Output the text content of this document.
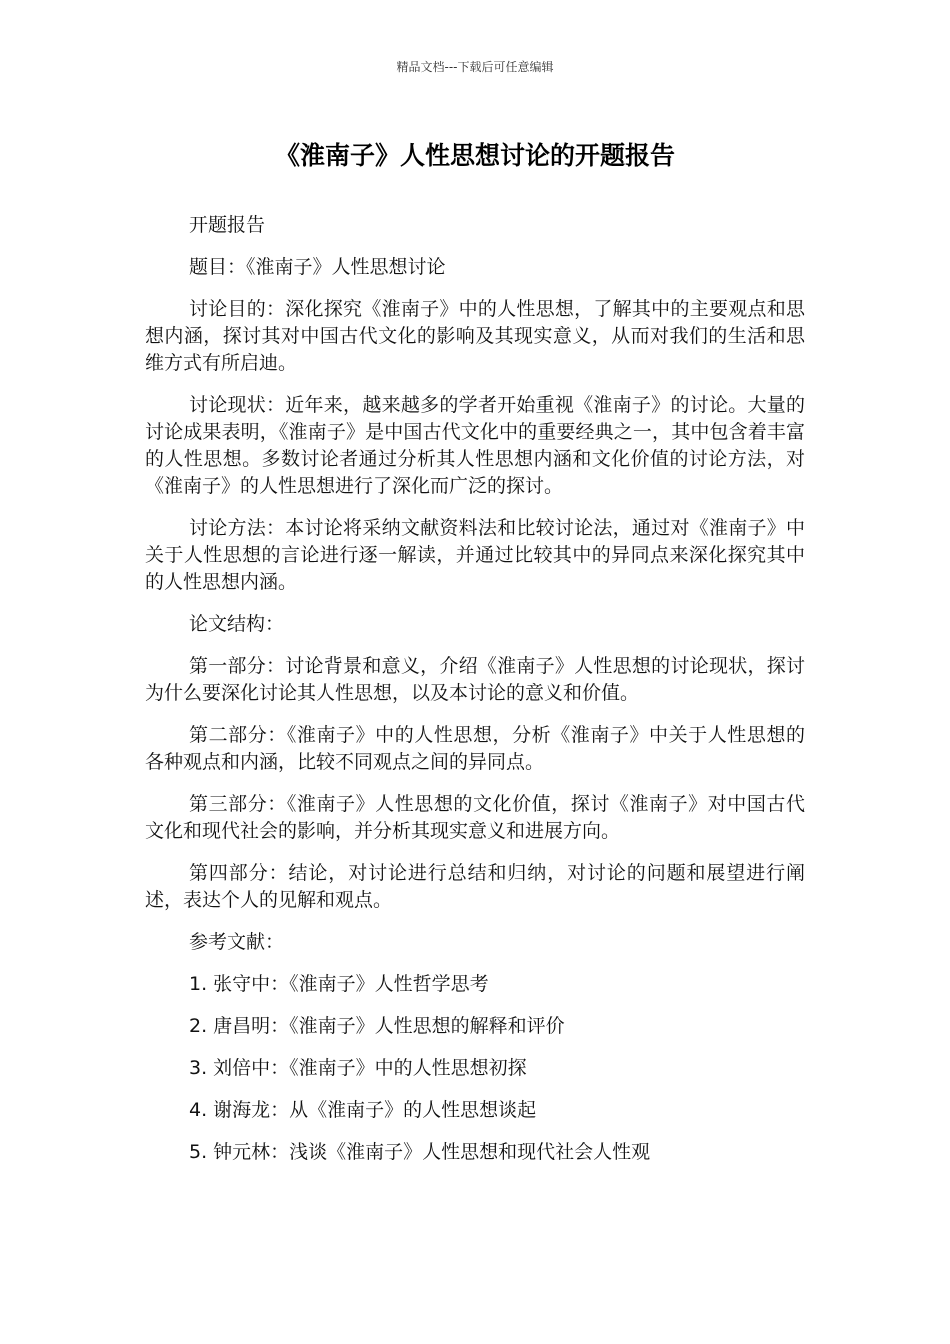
精品文档---下载后可任意编辑
《淮南子》人性思想讨论的开题报告

开题报告

题目：《淮南子》人性思想讨论

讨论目的：深化探究《淮南子》中的人性思想，了解其中的主要观点和思想内涵，探讨其对中国古代文化的影响及其现实意义，从而对我们的生活和思维方式有所启迪。

讨论现状：近年来，越来越多的学者开始重视《淮南子》的讨论。大量的讨论成果表明，《淮南子》是中国古代文化中的重要经典之一，其中包含着丰富的人性思想。多数讨论者通过分析其人性思想内涵和文化价值的讨论方法，对《淮南子》的人性思想进行了深化而广泛的探讨。

讨论方法：本讨论将采纳文献资料法和比较讨论法，通过对《淮南子》中关于人性思想的言论进行逐一解读，并通过比较其中的异同点来深化探究其中的人性思想内涵。

论文结构：

第一部分：讨论背景和意义，介绍《淮南子》人性思想的讨论现状，探讨为什么要深化讨论其人性思想，以及本讨论的意义和价值。

第二部分：《淮南子》中的人性思想，分析《淮南子》中关于人性思想的各种观点和内涵，比较不同观点之间的异同点。

第三部分：《淮南子》人性思想的文化价值，探讨《淮南子》对中国古代文化和现代社会的影响，并分析其现实意义和进展方向。

第四部分：结论，对讨论进行总结和归纳，对讨论的问题和展望进行阐述，表达个人的见解和观点。

参考文献：

1. 张守中：《淮南子》人性哲学思考
2. 唐昌明：《淮南子》人性思想的解释和评价
3. 刘倍中：《淮南子》中的人性思想初探
4. 谢海龙：从《淮南子》的人性思想谈起
5. 钟元林：浅谈《淮南子》人性思想和现代社会人性观
